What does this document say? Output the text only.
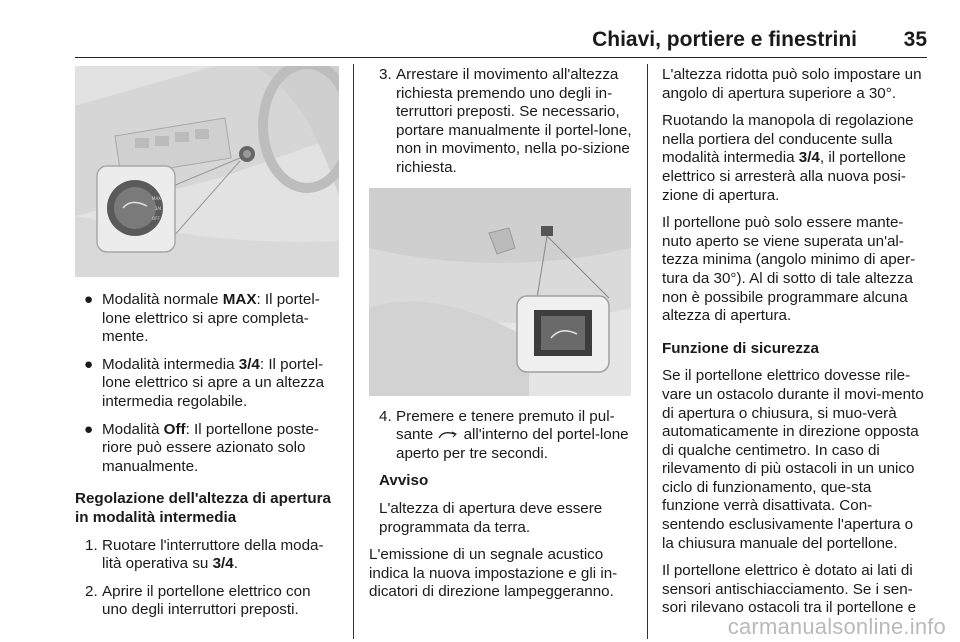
Chiavi, portiere e finestrini 35
MAX
3/4
OFF
● Modalità normale MAX: Il portel-lone elettrico si apre completa-mente.
● Modalità intermedia 3/4: Il portel-lone elettrico si apre a un altezza intermedia regolabile.
● Modalità Off: Il portellone poste-riore può essere azionato solo manualmente.

Regolazione dell'altezza di apertura in modalità intermedia

1. Ruotare l'interruttore della moda-lità operativa su 3/4.
2. Aprire il portellone elettrico con uno degli interruttori preposti.
3. Arrestare il movimento all'altezza richiesta premendo uno degli in-terruttori preposti. Se necessario, portare manualmente il portel-lone, non in movimento, nella po-sizione richiesta.
4. Premere e tenere premuto il pul-sante  all'interno del portel-lone aperto per tre secondi.

Avviso

L'altezza di apertura deve essere programmata da terra.

L'emissione di un segnale acustico indica la nuova impostazione e gli in-dicatori di direzione lampeggeranno.

L'altezza ridotta può solo impostare un angolo di apertura superiore a 30°.

Ruotando la manopola di regolazione nella portiera del conducente sulla modalità intermedia 3/4, il portellone elettrico si arresterà alla nuova posi-zione di apertura.

Il portellone può solo essere mante-nuto aperto se viene superata un'al-tezza minima (angolo minimo di aper-tura da 30°). Al di sotto di tale altezza non è possibile programmare alcuna altezza di apertura.

Funzione di sicurezza

Se il portellone elettrico dovesse rile-vare un ostacolo durante il movi-mento di apertura o chiusura, si muo-verà automaticamente in direzione opposta di qualche centimetro. In caso di rilevamento di più ostacoli in un unico ciclo di funzionamento, que-sta funzione verrà disattivata. Con-sentendo esclusivamente l'apertura o la chiusura manuale del portellone.

Il portellone elettrico è dotato ai lati di sensori antischiacciamento. Se i sen-sori rilevano ostacoli tra il portellone e

carmanualsonline.info
